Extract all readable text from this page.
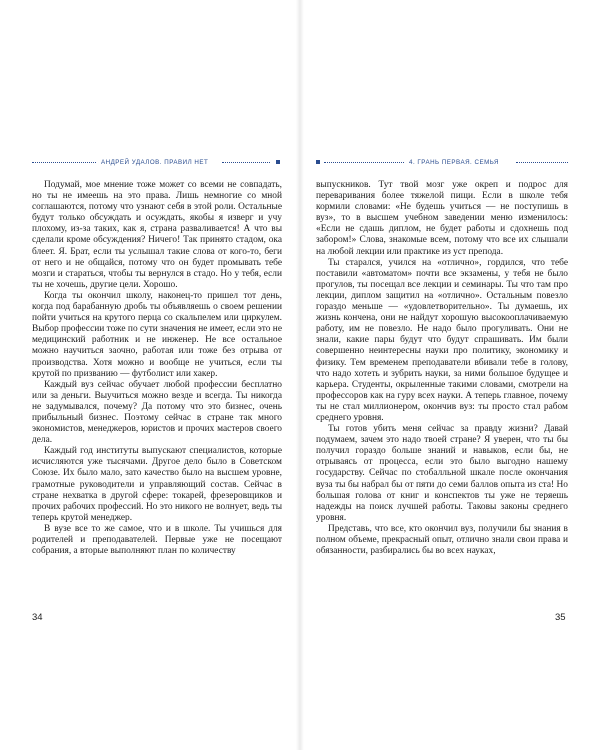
АНДРЕЙ УДАЛОВ. ПРАВИЛ НЕТ

Подумай, мое мнение тоже может со всеми не совпадать, но ты не имеешь на это права. Лишь немногие со мной соглашаются, потому что узнают себя в этой роли. Остальные будут только обсуждать и осуждать, якобы я изверг и учу плохому, из-за таких, как я, страна разваливается! А что вы сделали кроме обсуждения? Ничего! Так принято стадом, ока блеет. Я. Брат, если ты услышал такие слова от кого-то, беги от него и не общайся, потому что он будет промывать тебе мозги и стараться, чтобы ты вернулся в стадо. Но у тебя, если ты не хочешь, другие цели. Хорошо.

Когда ты окончил школу, наконец-то пришел тот день, когда под барабанную дробь ты объявляешь о своем решении пойти учиться на крутого перца со скальпелем или циркулем. Выбор профессии тоже по сути значения не имеет, если это не медицинский работник и не инженер. Не все остальное можно научиться заочно, работая или тоже без отрыва от производства. Хотя можно и вообще не учиться, если ты крутой по призванию — футболист или хакер.

Каждый вуз сейчас обучает любой профессии бесплатно или за деньги. Выучиться можно везде и всегда. Ты никогда не задумывался, почему? Да потому что это бизнес, очень прибыльный бизнес. Поэтому сейчас в стране так много экономистов, менеджеров, юристов и прочих мастеров своего дела.

Каждый год институты выпускают специалистов, которые исчисляются уже тысячами. Другое дело было в Советском Союзе. Их было мало, зато качество было на высшем уровне, грамотные руководители и управляющий состав. Сейчас в стране нехватка в другой сфере: токарей, фрезеровщиков и прочих рабочих профессий. Но это никого не волнует, ведь ты теперь крутой менеджер.

В вузе все то же самое, что и в школе. Ты учишься для родителей и преподавателей. Первые уже не посещают собрания, а вторые выполняют план по количеству

4. ГРАНЬ ПЕРВАЯ. СЕМЬЯ

выпускников. Тут твой мозг уже окреп и подрос для переваривания более тяжелой пищи. Если в школе тебя кормили словами: «Не будешь учиться — не поступишь в вуз», то в высшем учебном заведении меню изменилось: «Если не сдашь диплом, не будет работы и сдохнешь под забором!» Слова, знакомые всем, потому что все их слышали на любой лекции или практике из уст препода.

Ты старался, учился на «отлично», гордился, что тебе поставили «автоматом» почти все экзамены, у тебя не было прогулов, ты посещал все лекции и семинары. Ты что там про лекции, диплом защитил на «отлично». Остальным повезло гораздо меньше — «удовлетворительно». Ты думаешь, их жизнь кончена, они не найдут хорошую высокооплачиваемую работу, им не повезло. Не надо было прогуливать. Они не знали, какие пары будут что будут спрашивать. Им были совершенно неинтересны науки про политику, экономику и физику. Тем временем преподаватели вбивали тебе в голову, что надо хотеть и зубрить науки, за ними большое будущее и карьера. Студенты, окрыленные такими словами, смотрели на профессоров как на гуру всех науки. А теперь главное, почему ты не стал миллионером, окончив вуз: ты просто стал рабом среднего уровня.

Ты готов убить меня сейчас за правду жизни? Давай подумаем, зачем это надо твоей стране? Я уверен, что ты бы получил гораздо больше знаний и навыков, если бы, не отрываясь от процесса, если это было выгодно нашему государству. Сейчас по стобалльной шкале после окончания вуза ты бы набрал бы от пяти до семи баллов опыта из ста! Но большая голова от книг и конспектов ты уже не теряешь надежды на поиск лучшей работы. Таковы законы среднего уровня.

Представь, что все, кто окончил вуз, получили бы знания в полном объеме, прекрасный опыт, отлично знали свои права и обязанности, разбирались бы во всех науках,

34	35
